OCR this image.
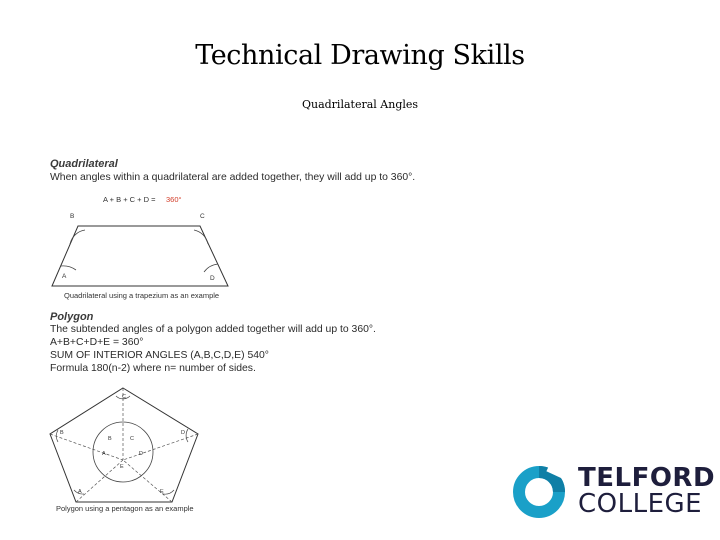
Technical Drawing Skills
Quadrilateral Angles
Quadrilateral
When angles within a quadrilateral are added together, they will add up to 360°.
A + B + C + D = 360°
A
B	C
D
Quadrilateral using a trapezium as an example
Polygon
The subtended angles of a polygon added together will add up to 360°.
A+B+C+D+E = 360°
SUM OF INTERIOR ANGLES (A,B,C,D,E) 540°
Formula 180(n-2) where n= number of sides.
C
D
E
A
B
B	C
A	D
E
Polygon using a pentagon as an example
TELFORD
COLLEGE
